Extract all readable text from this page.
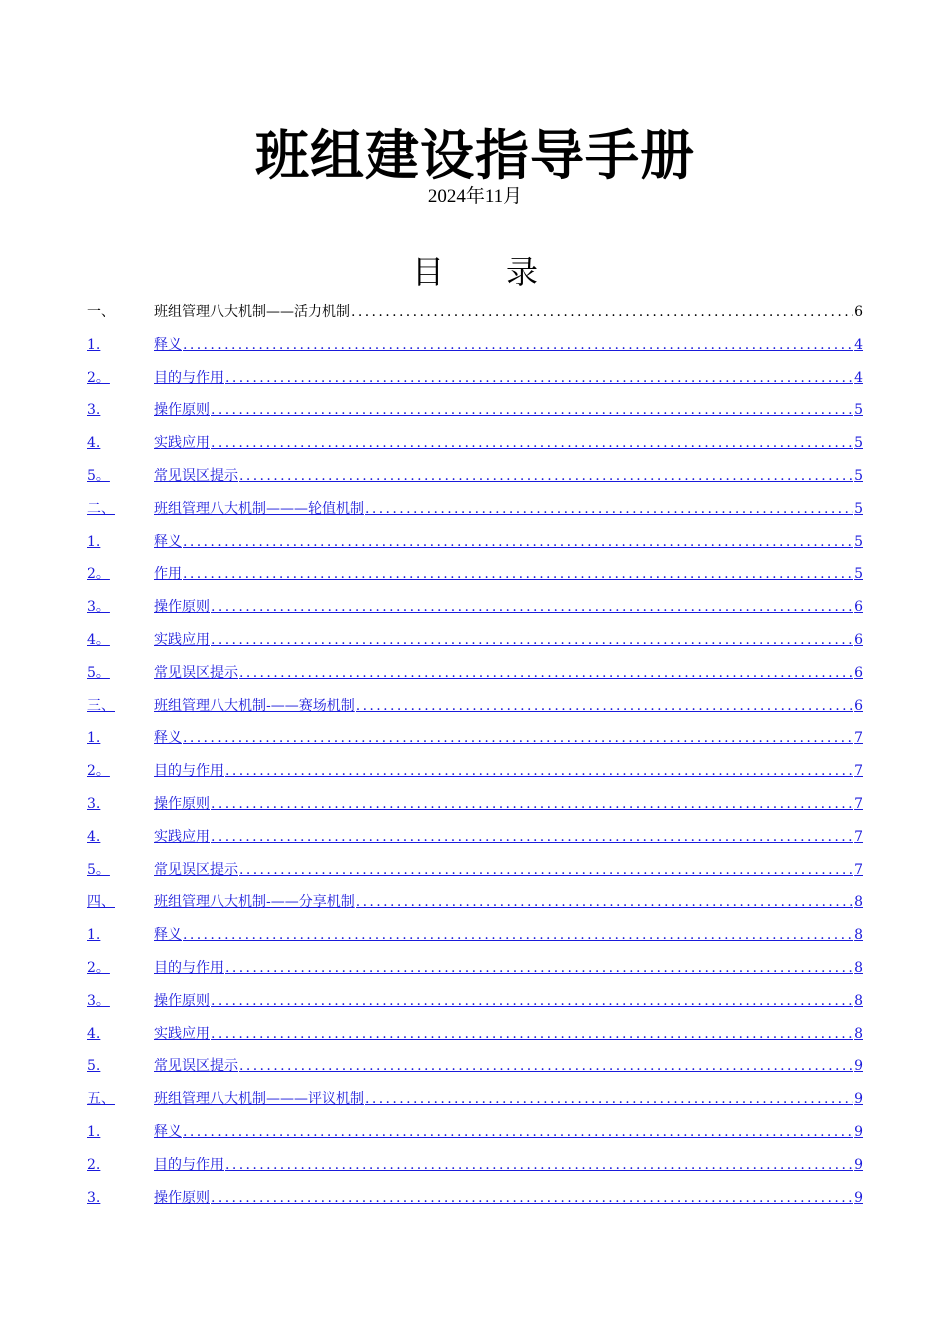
班组建设指导手册
2024年11月
目 录
一、	班组管理八大机制——活力机制 .....	6
1.	释义 .....	4
2。	目的与作用 .....	4
3.	操作原则 .....	5
4.	实践应用 .....	5
5。	常见误区提示 .....	5
二、	班组管理八大机制———轮值机制 .....	5
1.	释义 .....	5
2。	作用 .....	5
3。	操作原则 .....	6
4。	实践应用 .....	6
5。	常见误区提示 .....	6
三、	班组管理八大机制-——赛场机制 .....	6
1.	释义 .....	7
2。	目的与作用 .....	7
3.	操作原则 .....	7
4.	实践应用 .....	7
5。	常见误区提示 .....	7
四、	班组管理八大机制-——分享机制 .....	8
1.	释义 .....	8
2。	目的与作用 .....	8
3。	操作原则 .....	8
4.	实践应用 .....	8
5.	常见误区提示 .....	9
五、	班组管理八大机制———评议机制 .....	9
1.	释义 .....	9
2.	目的与作用 .....	9
3.	操作原则 .....	9
